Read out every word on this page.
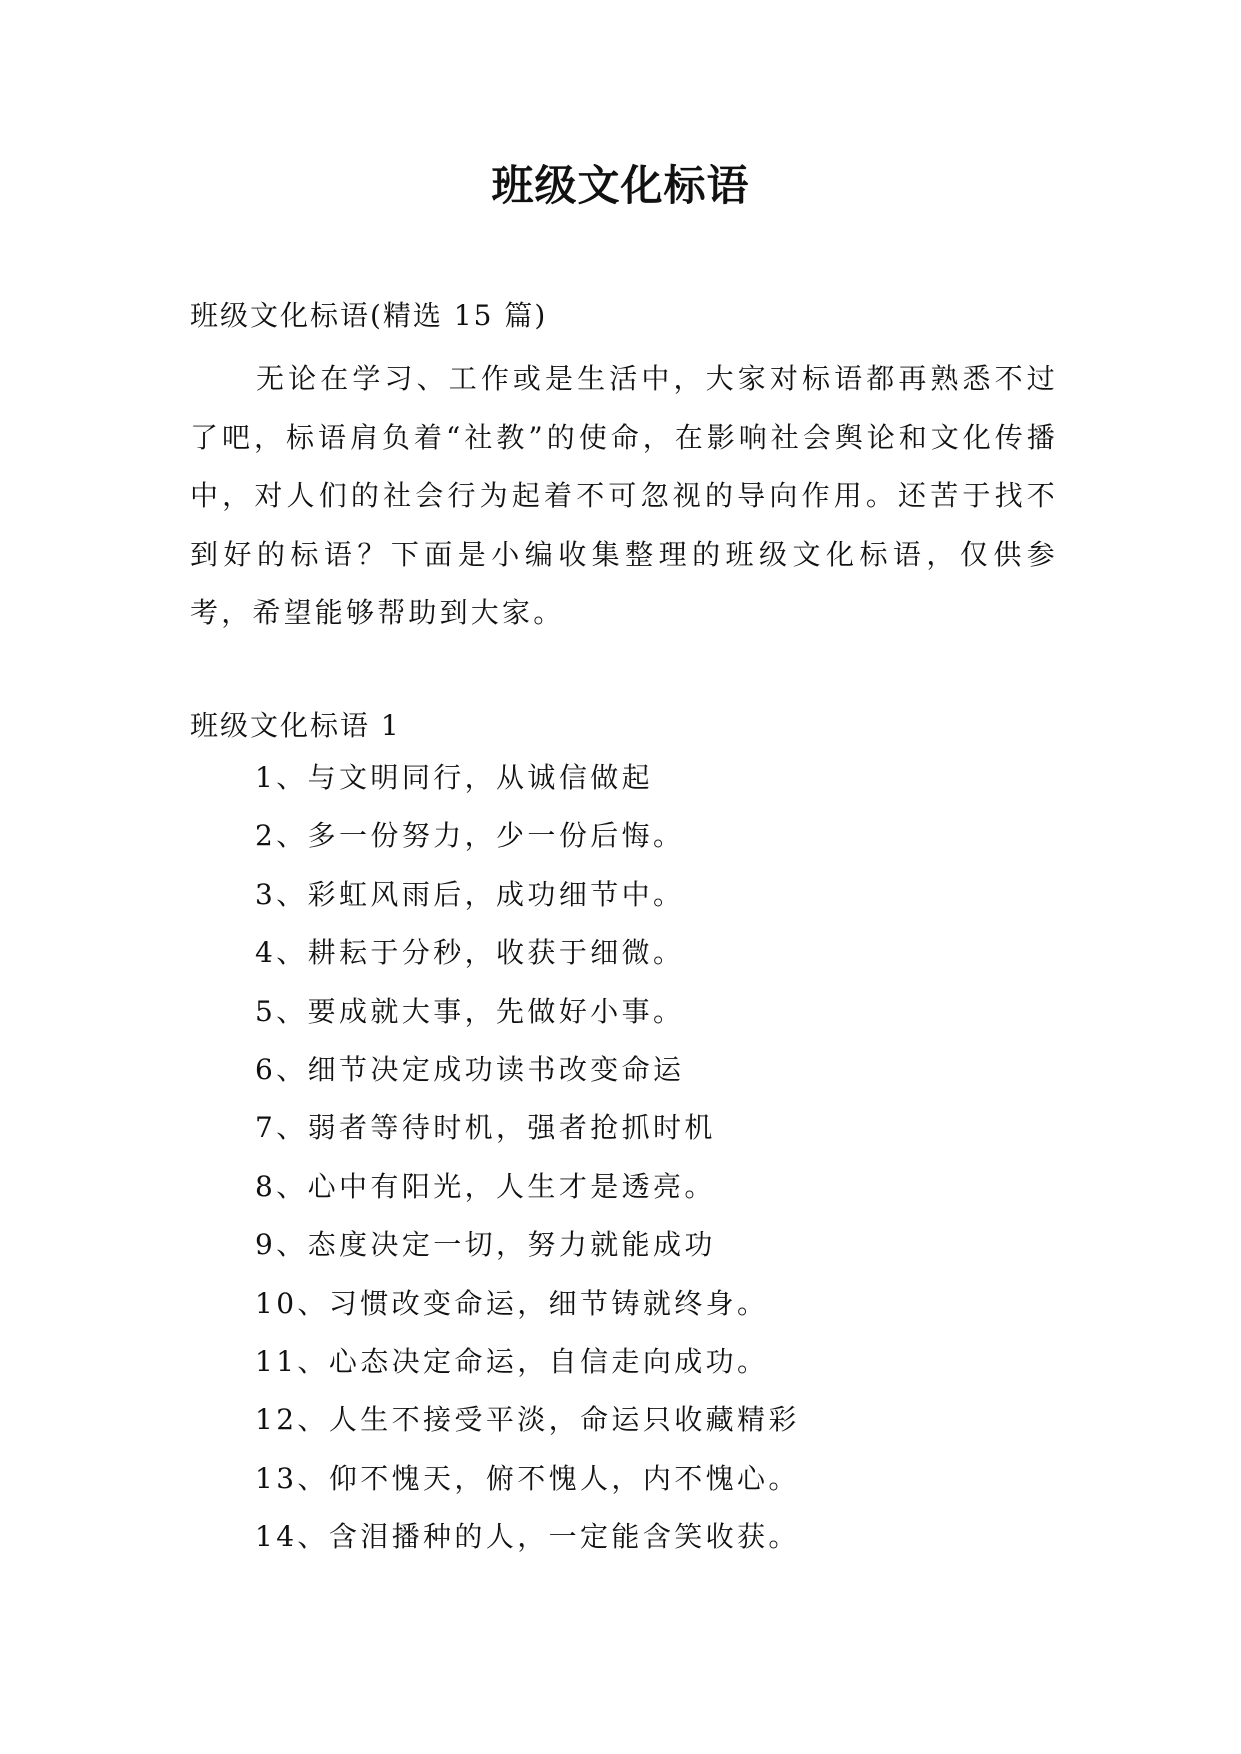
班级文化标语
班级文化标语(精选 15 篇)

无论在学习、工作或是生活中，大家对标语都再熟悉不过了吧，标语肩负着“社教”的使命，在影响社会舆论和文化传播中，对人们的社会行为起着不可忽视的导向作用。还苦于找不到好的标语？下面是小编收集整理的班级文化标语，仅供参考，希望能够帮助到大家。

班级文化标语 1
1、与文明同行，从诚信做起
2、多一份努力，少一份后悔。
3、彩虹风雨后，成功细节中。
4、耕耘于分秒，收获于细微。
5、要成就大事，先做好小事。
6、细节决定成功读书改变命运
7、弱者等待时机，强者抢抓时机
8、心中有阳光，人生才是透亮。
9、态度决定一切，努力就能成功
10、习惯改变命运，细节铸就终身。
11、心态决定命运，自信走向成功。
12、人生不接受平淡，命运只收藏精彩
13、仰不愧天，俯不愧人，内不愧心。
14、含泪播种的人，一定能含笑收获。
